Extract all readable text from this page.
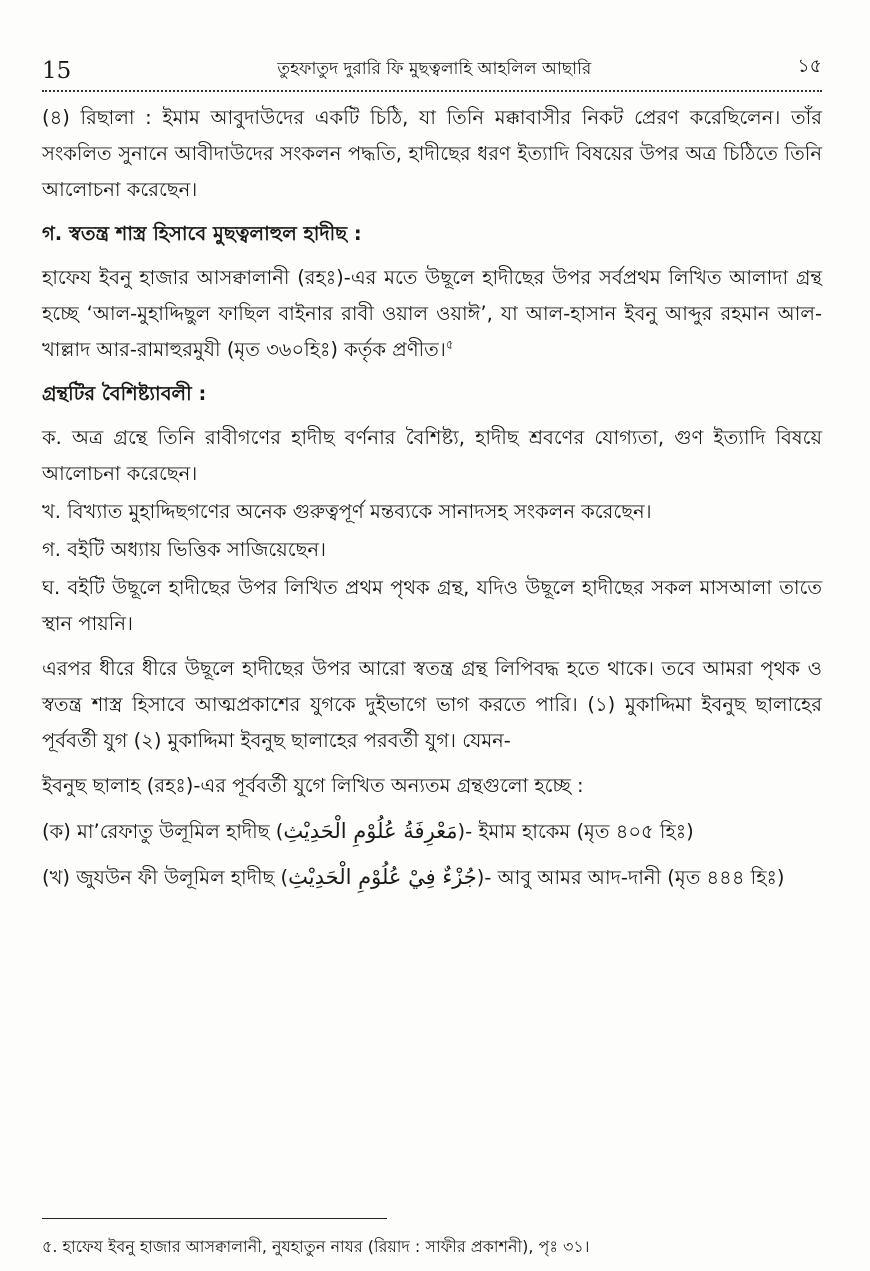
15	তুহফাতুদ দুরারি ফি মুছত্বলাহি আহলিল আছারি	১৫

(৪) রিছালা : ইমাম আবুদাউদের একটি চিঠি, যা তিনি মক্কাবাসীর নিকট প্রেরণ করেছিলেন। তাঁর সংকলিত সুনানে আবীদাউদের সংকলন পদ্ধতি, হাদীছের ধরণ ইত্যাদি বিষয়ের উপর অত্র চিঠিতে তিনি আলোচনা করেছেন।

গ. স্বতন্ত্র শাস্ত্র হিসাবে মুছত্বলাহুল হাদীছ :

হাফেয ইবনু হাজার আসক্বালানী (রহঃ)-এর মতে উছূলে হাদীছের উপর সর্বপ্রথম লিখিত আলাদা গ্রন্থ হচ্ছে ‘আল-মুহাদ্দিছুল ফাছিল বাইনার রাবী ওয়াল ওয়াঈ’, যা আল-হাসান ইবনু আব্দুর রহমান আল-খাল্লাদ আর-রামাহুরমুযী (মৃত ৩৬০হিঃ) কর্তৃক প্রণীত।$^৫$

গ্রন্থটির বৈশিষ্ট্যাবলী :

ক. অত্র গ্রন্থে তিনি রাবীগণের হাদীছ বর্ণনার বৈশিষ্ট্য, হাদীছ শ্রবণের যোগ্যতা, গুণ ইত্যাদি বিষয়ে আলোচনা করেছেন।

খ. বিখ্যাত মুহাদ্দিছগণের অনেক গুরুত্বপূর্ণ মন্তব্যকে সানাদসহ সংকলন করেছেন।

গ. বইটি অধ্যায় ভিত্তিক সাজিয়েছেন।

ঘ. বইটি উছূলে হাদীছের উপর লিখিত প্রথম পৃথক গ্রন্থ, যদিও উছূলে হাদীছের সকল মাসআলা তাতে স্থান পায়নি।

এরপর ধীরে ধীরে উছূলে হাদীছের উপর আরো স্বতন্ত্র গ্রন্থ লিপিবদ্ধ হতে থাকে। তবে আমরা পৃথক ও স্বতন্ত্র শাস্ত্র হিসাবে আত্মপ্রকাশের যুগকে দুইভাগে ভাগ করতে পারি। (১) মুকাদ্দিমা ইবনুছ ছালাহের পূর্ববর্তী যুগ (২) মুকাদ্দিমা ইবনুছ ছালাহের পরবর্তী যুগ। যেমন-

ইবনুছ ছালাহ (রহঃ)-এর পূর্ববর্তী যুগে লিখিত অন্যতম গ্রন্থগুলো হচ্ছে :

(ক) মা’রেফাতু উলূমিল হাদীছ (مَعْرِفَةُ عُلُوْمِ الْحَدِيْثِ)- ইমাম হাকেম (মৃত ৪০৫ হিঃ)

(খ) জুযউন ফী উলূমিল হাদীছ (جُزْءٌ فِيْ عُلُوْمِ الْحَدِيْثِ)- আবু আমর আদ-দানী (মৃত ৪৪৪ হিঃ)

৫. হাফেয ইবনু হাজার আসক্বালানী, নুযহাতুন নাযর (রিয়াদ : সাফীর প্রকাশনী), পৃঃ ৩১।
